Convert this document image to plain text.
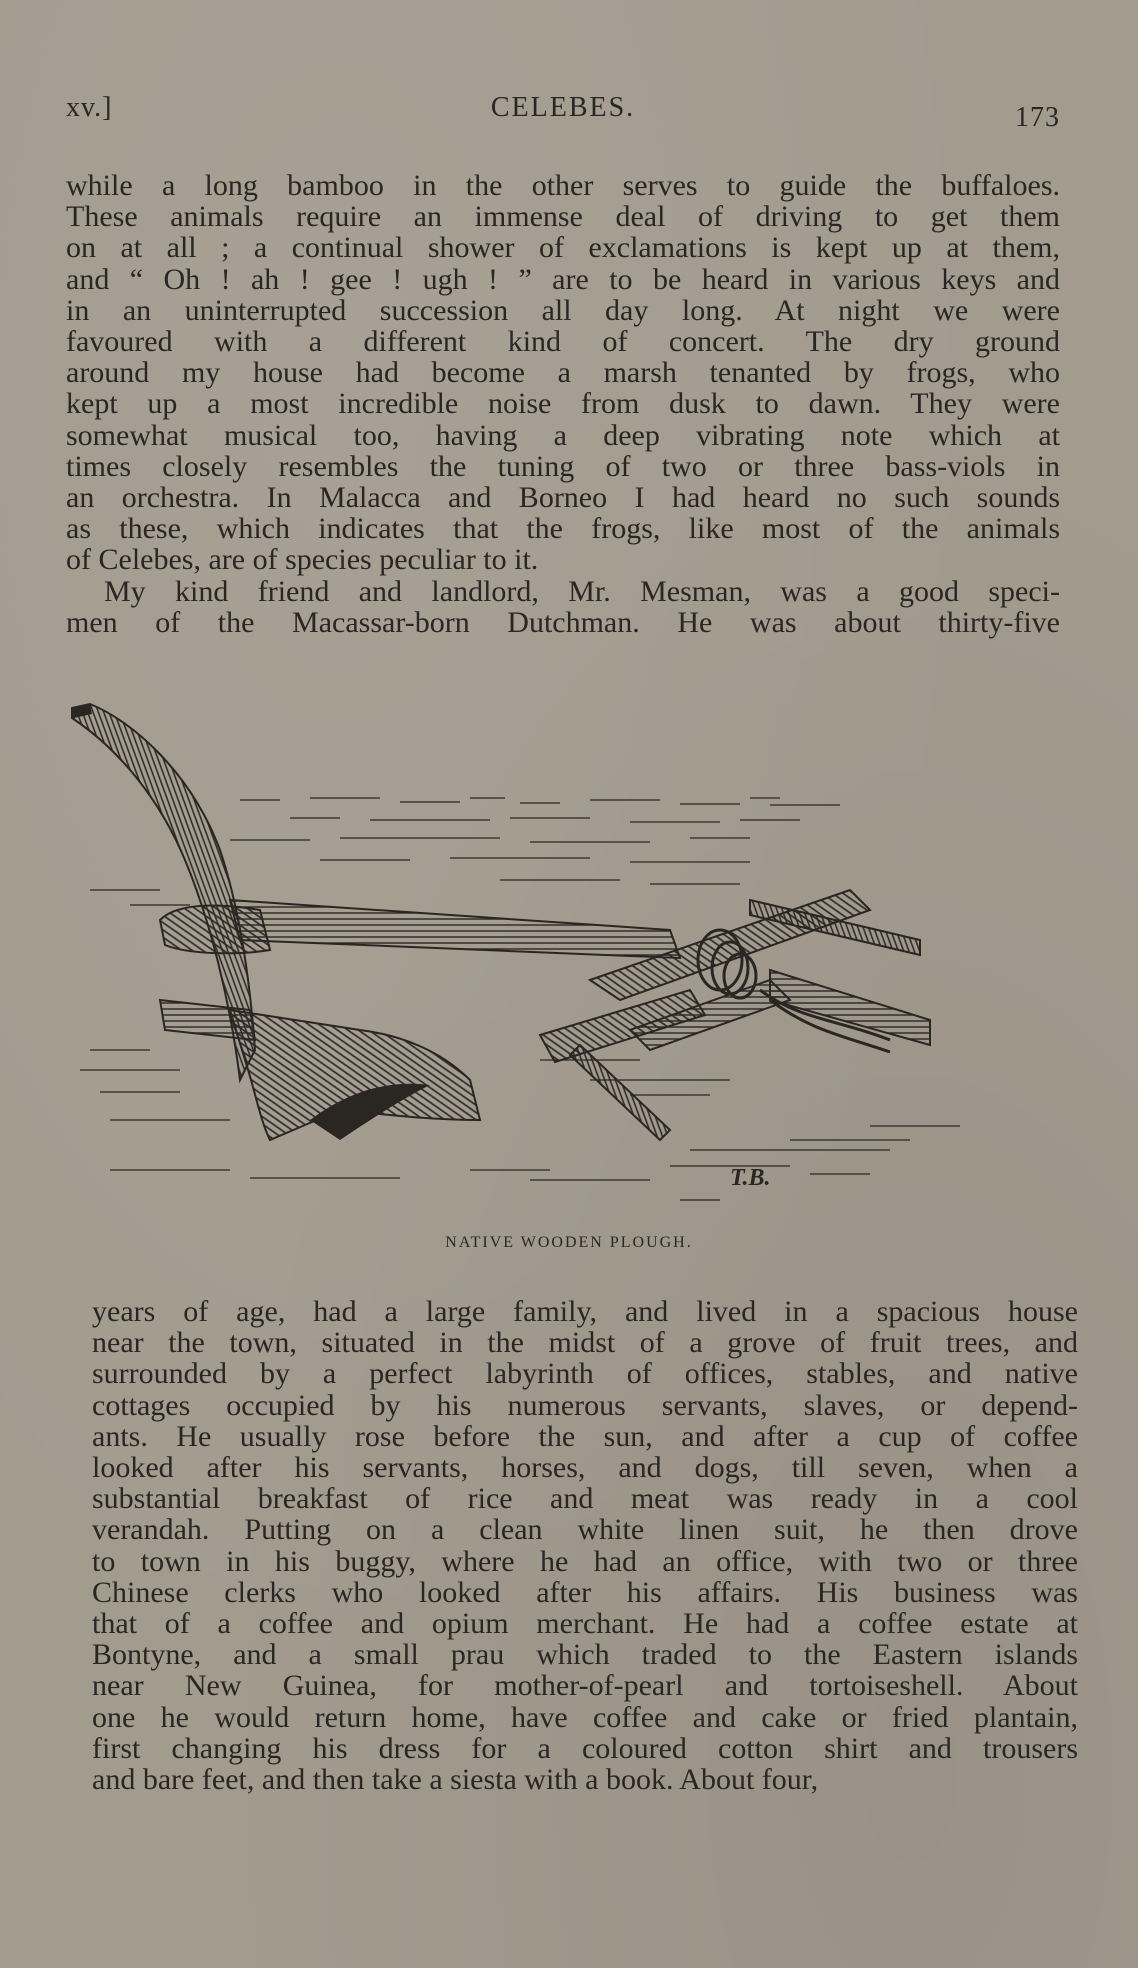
xv.]	CELEBES.	173
while a long bamboo in the other serves to guide the buffaloes.
These animals require an immense deal of driving to get them
on at all ; a continual shower of exclamations is kept up at them,
and “ Oh ! ah ! gee ! ugh ! ” are to be heard in various keys and
in an uninterrupted succession all day long. At night we were
favoured with a different kind of concert. The dry ground
around my house had become a marsh tenanted by frogs, who
kept up a most incredible noise from dusk to dawn. They were
somewhat musical too, having a deep vibrating note which at
times closely resembles the tuning of two or three bass-viols in
an orchestra. In Malacca and Borneo I had heard no such sounds
as these, which indicates that the frogs, like most of the animals
of Celebes, are of species peculiar to it.
My kind friend and landlord, Mr. Mesman, was a good speci-
men of the Macassar-born Dutchman. He was about thirty-five
T.B.
NATIVE WOODEN PLOUGH.
years of age, had a large family, and lived in a spacious house
near the town, situated in the midst of a grove of fruit trees, and
surrounded by a perfect labyrinth of offices, stables, and native
cottages occupied by his numerous servants, slaves, or depend-
ants. He usually rose before the sun, and after a cup of coffee
looked after his servants, horses, and dogs, till seven, when a
substantial breakfast of rice and meat was ready in a cool
verandah. Putting on a clean white linen suit, he then drove
to town in his buggy, where he had an office, with two or three
Chinese clerks who looked after his affairs. His business was
that of a coffee and opium merchant. He had a coffee estate at
Bontyne, and a small prau which traded to the Eastern islands
near New Guinea, for mother-of-pearl and tortoiseshell. About
one he would return home, have coffee and cake or fried plantain,
first changing his dress for a coloured cotton shirt and trousers
and bare feet, and then take a siesta with a book. About four,
